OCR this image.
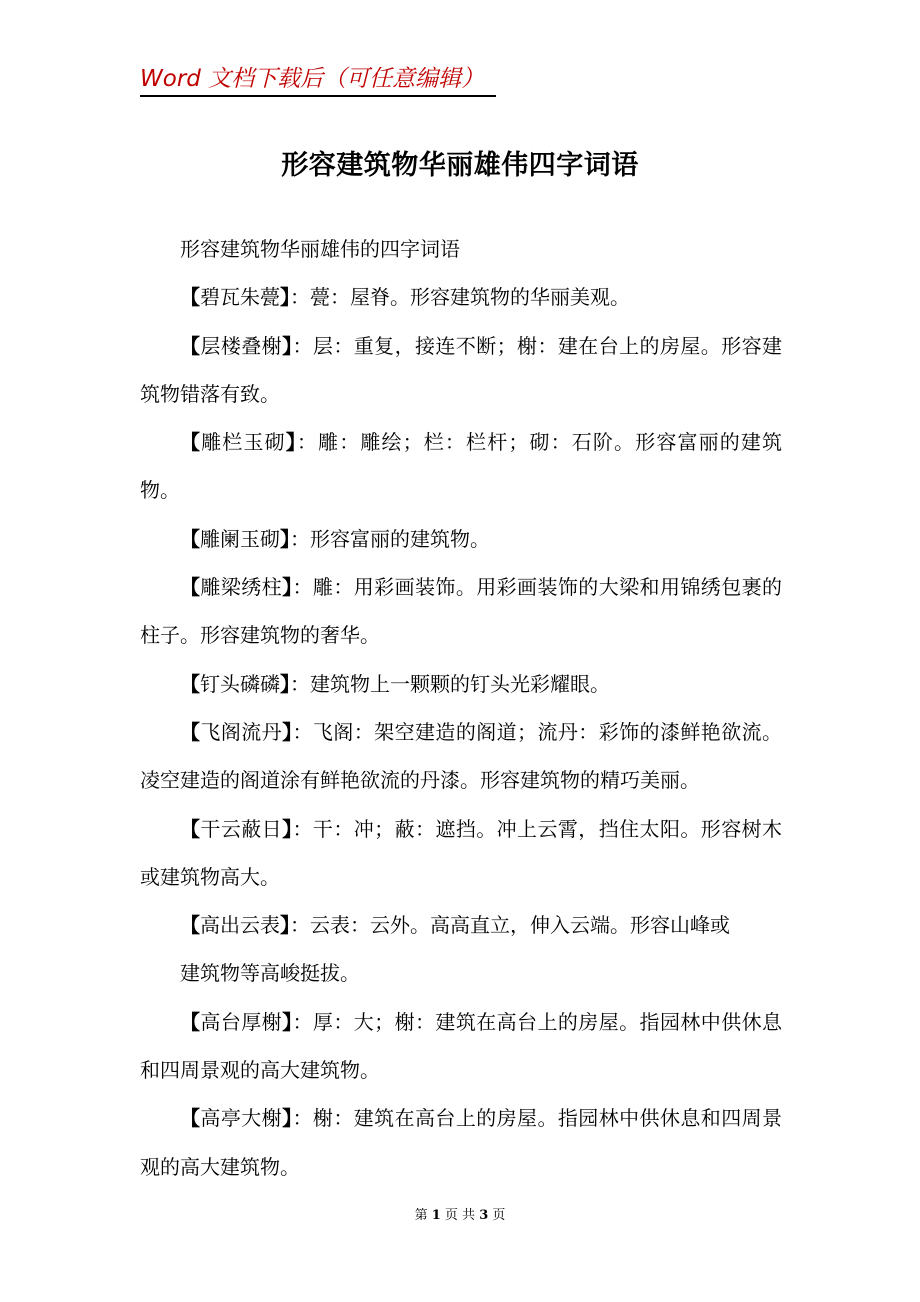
Word 文档下载后（可任意编辑）
形容建筑物华丽雄伟四字词语

形容建筑物华丽雄伟的四字词语

【碧瓦朱甍】：甍：屋脊。形容建筑物的华丽美观。

【层楼叠榭】：层：重复，接连不断；榭：建在台上的房屋。形容建筑物错落有致。

【雕栏玉砌】：雕：雕绘；栏：栏杆；砌：石阶。形容富丽的建筑物。

【雕阑玉砌】：形容富丽的建筑物。

【雕梁绣柱】：雕：用彩画装饰。用彩画装饰的大梁和用锦绣包裹的柱子。形容建筑物的奢华。

【钉头磷磷】：建筑物上一颗颗的钉头光彩耀眼。

【飞阁流丹】：飞阁：架空建造的阁道；流丹：彩饰的漆鲜艳欲流。凌空建造的阁道涂有鲜艳欲流的丹漆。形容建筑物的精巧美丽。

【干云蔽日】：干：冲；蔽：遮挡。冲上云霄，挡住太阳。形容树木或建筑物高大。

【高出云表】：云表：云外。高高直立，伸入云端。形容山峰或

建筑物等高峻挺拔。

【高台厚榭】：厚：大；榭：建筑在高台上的房屋。指园林中供休息和四周景观的高大建筑物。

【高亭大榭】：榭：建筑在高台上的房屋。指园林中供休息和四周景观的高大建筑物。

第 1 页 共 3 页
